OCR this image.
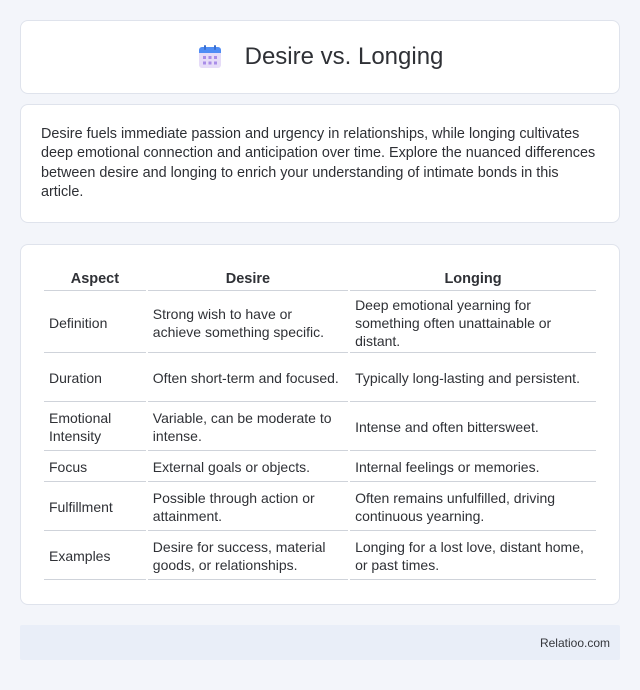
Desire vs. Longing

Desire fuels immediate passion and urgency in relationships, while longing cultivates deep emotional connection and anticipation over time. Explore the nuanced differences between desire and longing to enrich your understanding of intimate bonds in this article.

Aspect	Desire	Longing
Definition	Strong wish to have or achieve something specific.	Deep emotional yearning for something often unattainable or distant.
Duration	Often short-term and focused.	Typically long-lasting and persistent.
Emotional Intensity	Variable, can be moderate to intense.	Intense and often bittersweet.
Focus	External goals or objects.	Internal feelings or memories.
Fulfillment	Possible through action or attainment.	Often remains unfulfilled, driving continuous yearning.
Examples	Desire for success, material goods, or relationships.	Longing for a lost love, distant home, or past times.
Relatioo.com
